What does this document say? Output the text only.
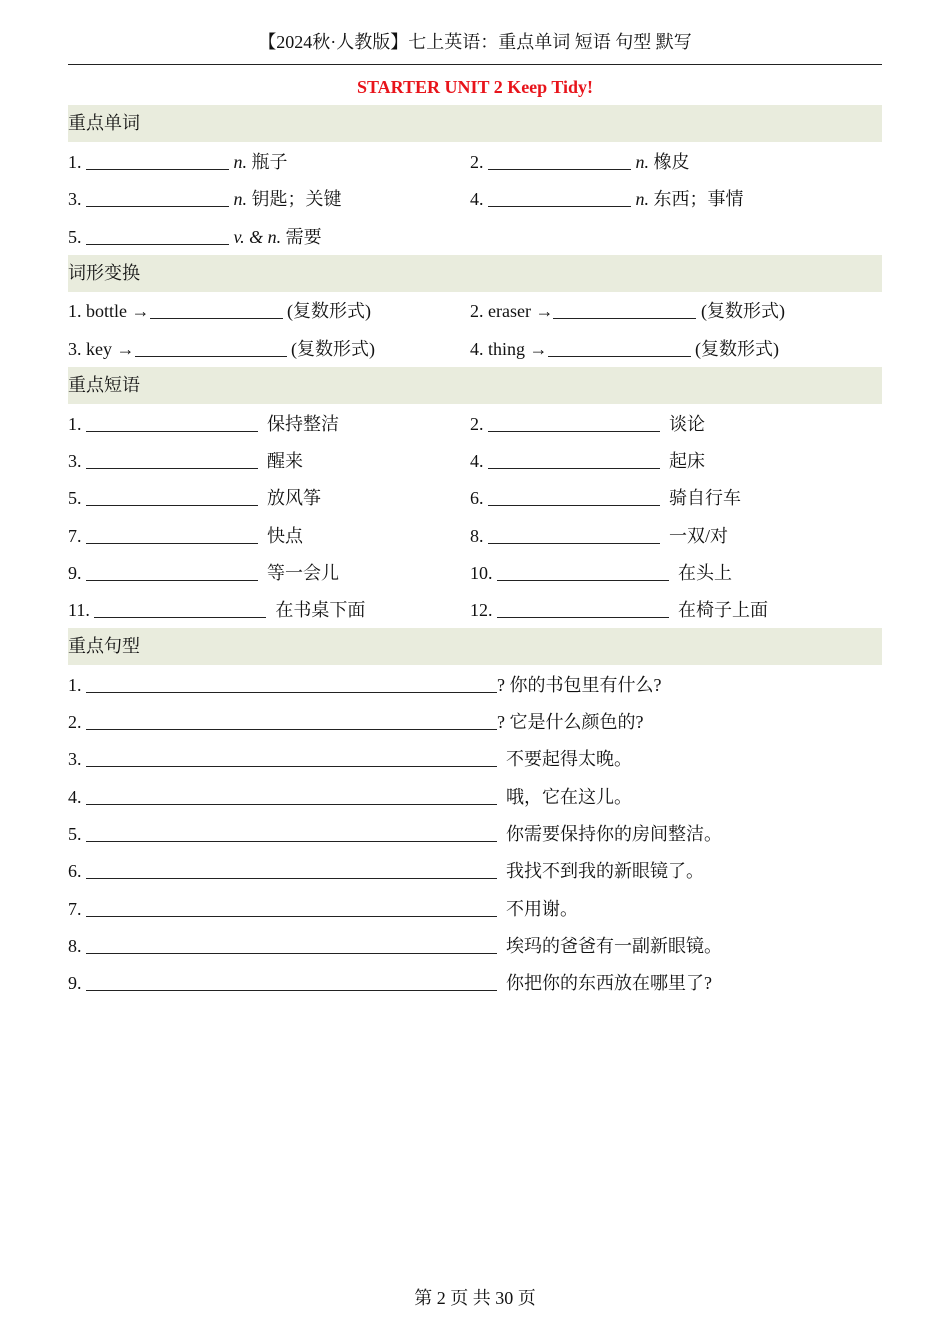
【2024秋·人教版】七上英语：重点单词 短语 句型 默写
STARTER UNIT 2 Keep Tidy!
重点单词
1.	n. 瓶子	2.	n. 橡皮
3.	n. 钥匙；关键	4.	n. 东西；事情
5.	v. & n. 需要
词形变换
1. bottle →	(复数形式)	2. eraser →	(复数形式)
3. key →	(复数形式)	4. thing →	(复数形式)
重点短语
1.	保持整洁	2.	谈论
3.	醒来	4.	起床
5.	放风筝	6.	骑自行车
7.	快点	8.	一双/对
9.	等一会儿	10.	在头上
11.	在书桌下面	12.	在椅子上面
重点句型
1.	? 你的书包里有什么?
2.	? 它是什么颜色的?
3.	不要起得太晚。
4.	哦，它在这儿。
5.	你需要保持你的房间整洁。
6.	我找不到我的新眼镜了。
7.	不用谢。
8.	埃玛的爸爸有一副新眼镜。
9.	你把你的东西放在哪里了?
第 2 页 共 30 页
